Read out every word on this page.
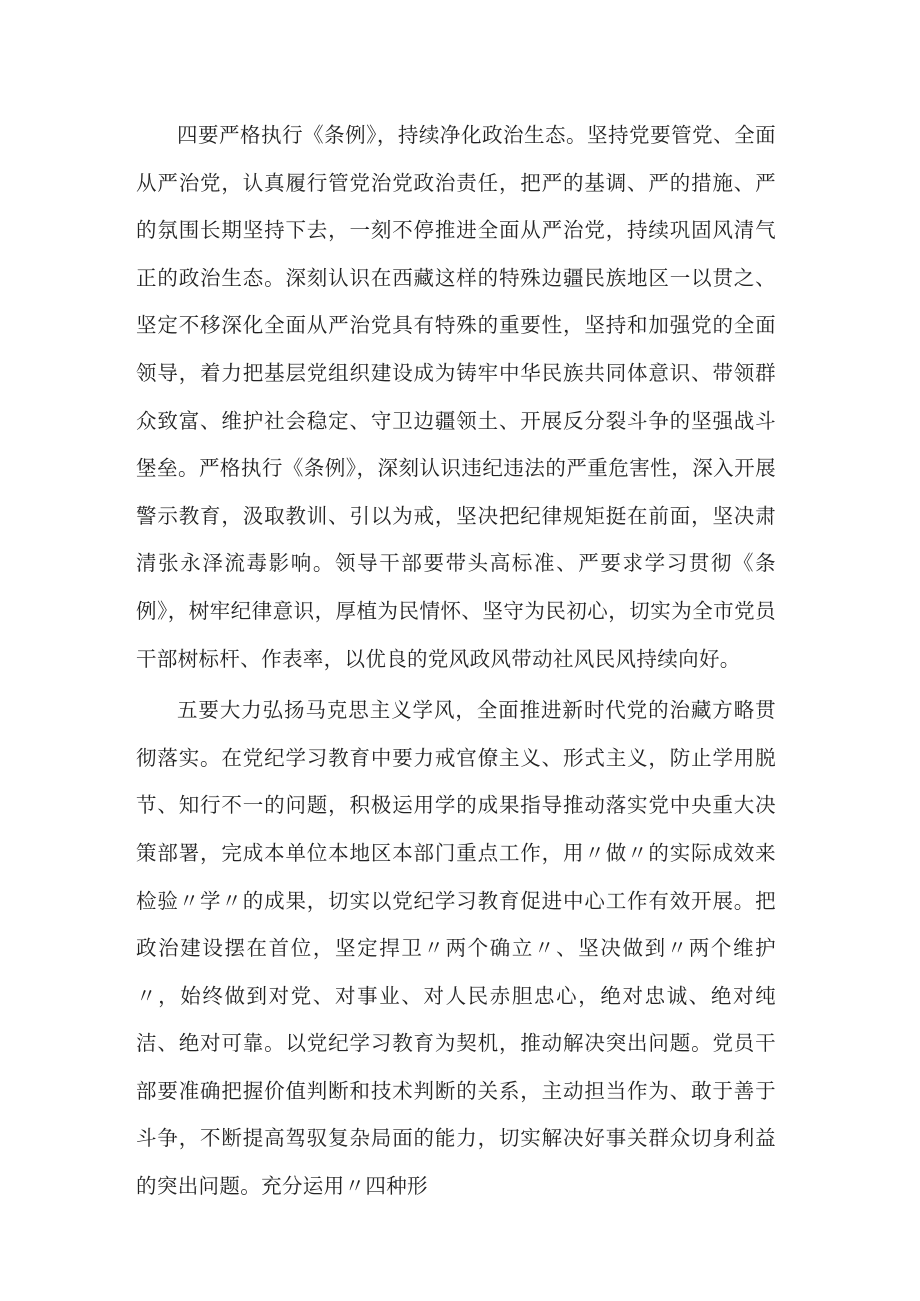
四要严格执行《条例》，持续净化政治生态。坚持党要管党、全面从严治党，认真履行管党治党政治责任，把严的基调、严的措施、严的氛围长期坚持下去，一刻不停推进全面从严治党，持续巩固风清气正的政治生态。深刻认识在西藏这样的特殊边疆民族地区一以贯之、坚定不移深化全面从严治党具有特殊的重要性，坚持和加强党的全面领导，着力把基层党组织建设成为铸牢中华民族共同体意识、带领群众致富、维护社会稳定、守卫边疆领土、开展反分裂斗争的坚强战斗堡垒。严格执行《条例》，深刻认识违纪违法的严重危害性，深入开展警示教育，汲取教训、引以为戒，坚决把纪律规矩挺在前面，坚决肃清张永泽流毒影响。领导干部要带头高标准、严要求学习贯彻《条例》，树牢纪律意识，厚植为民情怀、坚守为民初心，切实为全市党员干部树标杆、作表率，以优良的党风政风带动社风民风持续向好。

五要大力弘扬马克思主义学风，全面推进新时代党的治藏方略贯彻落实。在党纪学习教育中要力戒官僚主义、形式主义，防止学用脱节、知行不一的问题，积极运用学的成果指导推动落实党中央重大决策部署，完成本单位本地区本部门重点工作，用〃做〃的实际成效来检验〃学〃的成果，切实以党纪学习教育促进中心工作有效开展。把政治建设摆在首位，坚定捍卫〃两个确立〃、坚决做到〃两个维护〃，始终做到对党、对事业、对人民赤胆忠心，绝对忠诚、绝对纯洁、绝对可靠。以党纪学习教育为契机，推动解决突出问题。党员干部要准确把握价值判断和技术判断的关系，主动担当作为、敢于善于斗争，不断提高驾驭复杂局面的能力，切实解决好事关群众切身利益的突出问题。充分运用〃四种形
